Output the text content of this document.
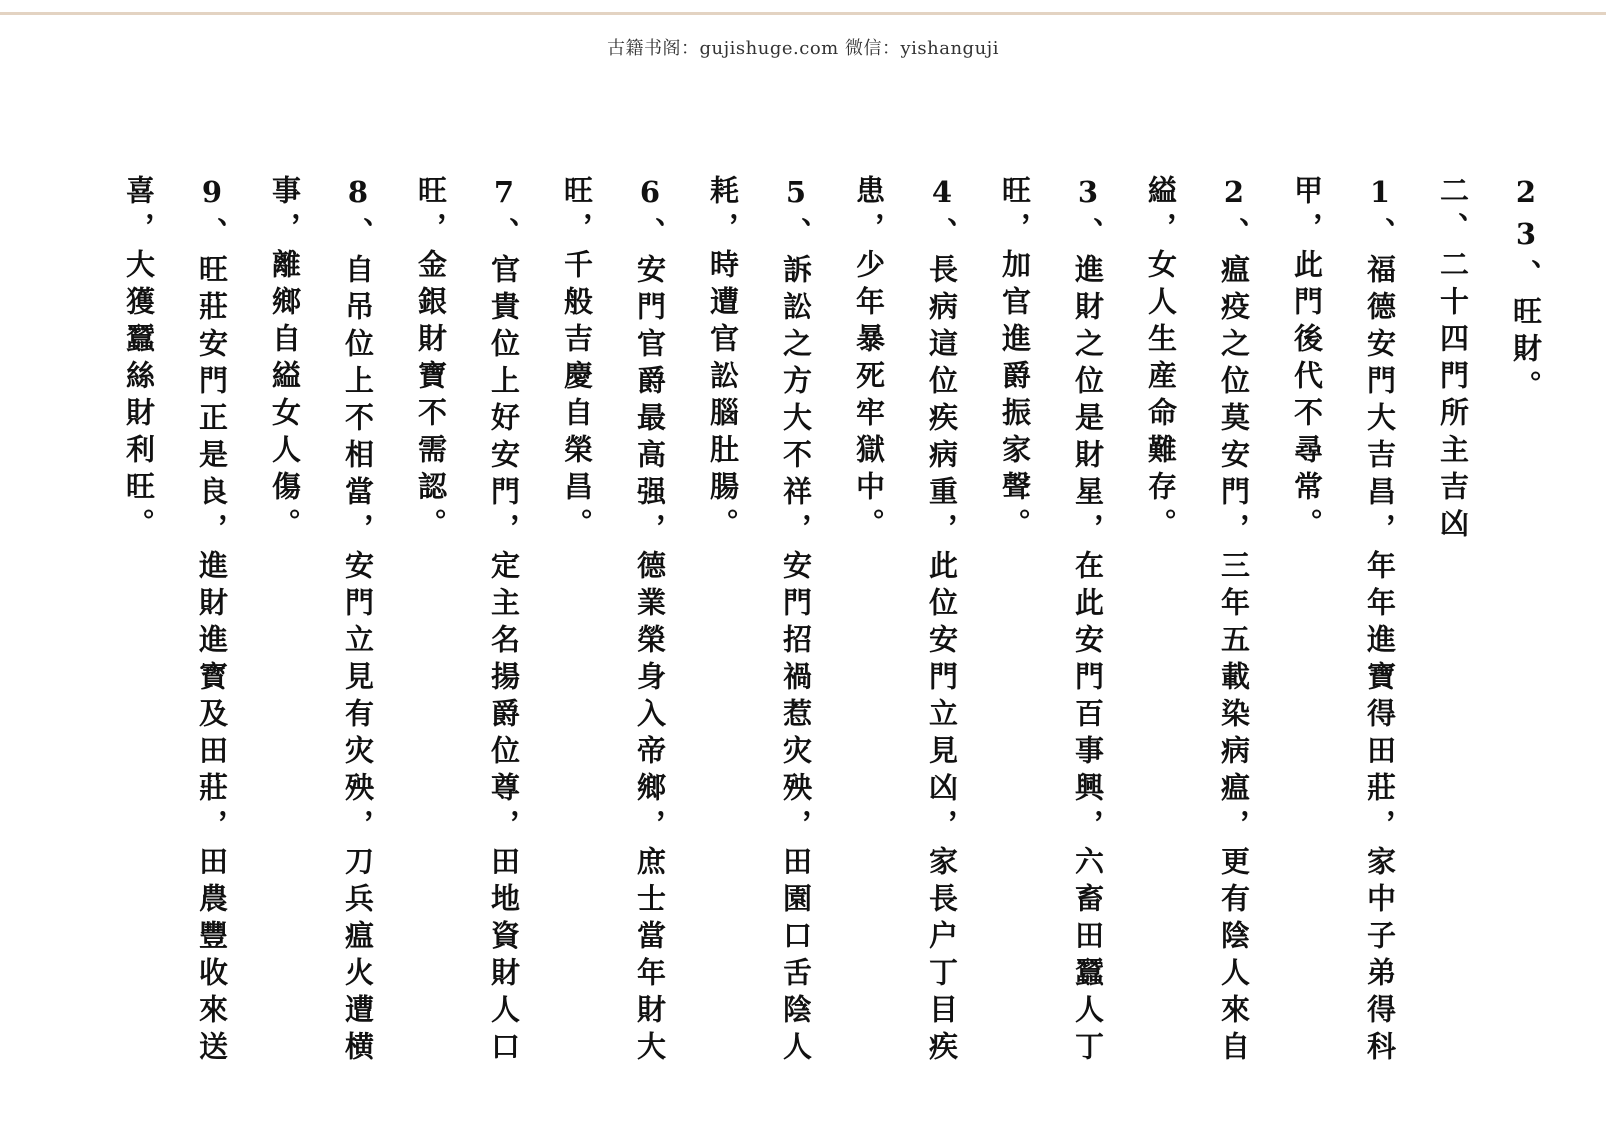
古籍书阁：gujishuge.com 微信：yishanguji
23、旺財。
二、二十四門所主吉凶
1、福德安門大吉昌，年年進寶得田莊，家中子弟得科
甲，此門後代不尋常。
2、瘟疫之位莫安門，三年五載染病瘟，更有陰人來自
縊，女人生産命難存。
3、進財之位是財星，在此安門百事興，六畜田蠶人丁
旺，加官進爵振家聲。
4、長病這位疾病重，此位安門立見凶，家長户丁目疾
患，少年暴死牢獄中。
5、訴訟之方大不祥，安門招禍惹灾殃，田園口舌陰人
耗，時遭官訟腦肚腸。
6、安門官爵最高强，德業榮身入帝鄉，庶士當年財大
旺，千般吉慶自榮昌。
7、官貴位上好安門，定主名揚爵位尊，田地資財人口
旺，金銀財寶不需認。
8、自吊位上不相當，安門立見有灾殃，刀兵瘟火遭横
事，離鄉自縊女人傷。
9、旺莊安門正是良，進財進寳及田莊，田農豐收來送
喜，大獲蠶絲財利旺。
